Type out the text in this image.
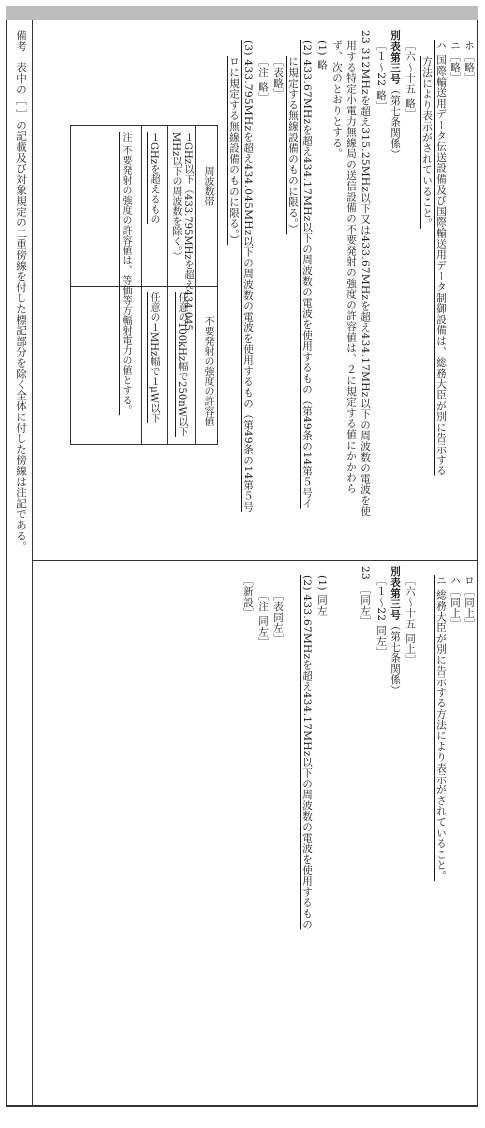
備考
表中の［ ］の記載及び対象規定の二重傍線を付した標記部分を除く全体に付した傍線は注記である。
ホ［略］
ニ［略］
ハ 国際輸送用データ伝送設備及び国際輸送用データ制御設備は、総務大臣が別に告示する
方法により表示がされていること。
［六～十五 略］
別表第三号（第七条関係）
［１～22 略］
23 312MHzを超え315.25MHz以下又は433.67MHzを超え434.17MHz以下の周波数の電波を使
用する特定小電力無線局の送信設備の不要発射の強度の許容値は、２に規定する値にかかわら
ず、次のとおりとする。
(1) 略
(2) 433.67MHzを超え434.17MHz以下の周波数の電波を使用するもの（第49条の14第５号イ
に規定する無線設備のものに限る。）
［表略］
［注 略］
(3) 433.795MHzを超え434.045MHz以下の周波数の電波を使用するもの（第49条の14第５号
ロに規定する無線設備のものに限る。）
周波数帯
不要発射の強度の許容値
１GHz以下（433.795MHzを超え434.045
MHz以下の周波数を除く。）
任意の100kHz幅で250nW以下
１GHzを超えるもの
任意の１MHz幅で１μW以下
注 不要発射の強度の許容値は、等価等方輻射電力の値とする。
ロ［同上］
ハ［同上］
ニ 総務大臣が別に告示する方法により表示がされていること。
［六～十五 同上］
別表第三号（第七条関係）
［１～22 同左］
23 ［同左］
(1) 同左
(2) 433.67MHzを超え434.17MHz以下の周波数の電波を使用するもの
［表同左］
［注 同左］
［新設］
